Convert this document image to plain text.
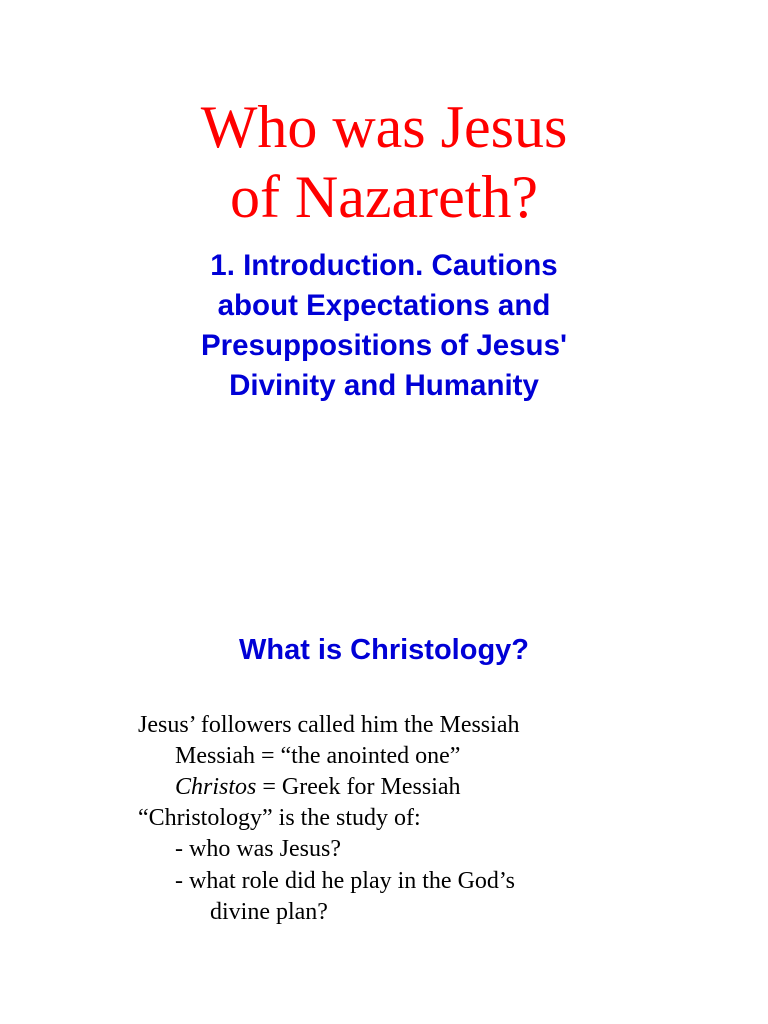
Who was Jesus
of Nazareth?
1. Introduction. Cautions
about Expectations and
Presuppositions of Jesus'
Divinity and Humanity
What is Christology?
Jesus’ followers called him the Messiah
Messiah = “the anointed one”
Christos = Greek for Messiah
“Christology” is the study of:
- who was Jesus?
- what role did he play in the God’s
divine plan?
